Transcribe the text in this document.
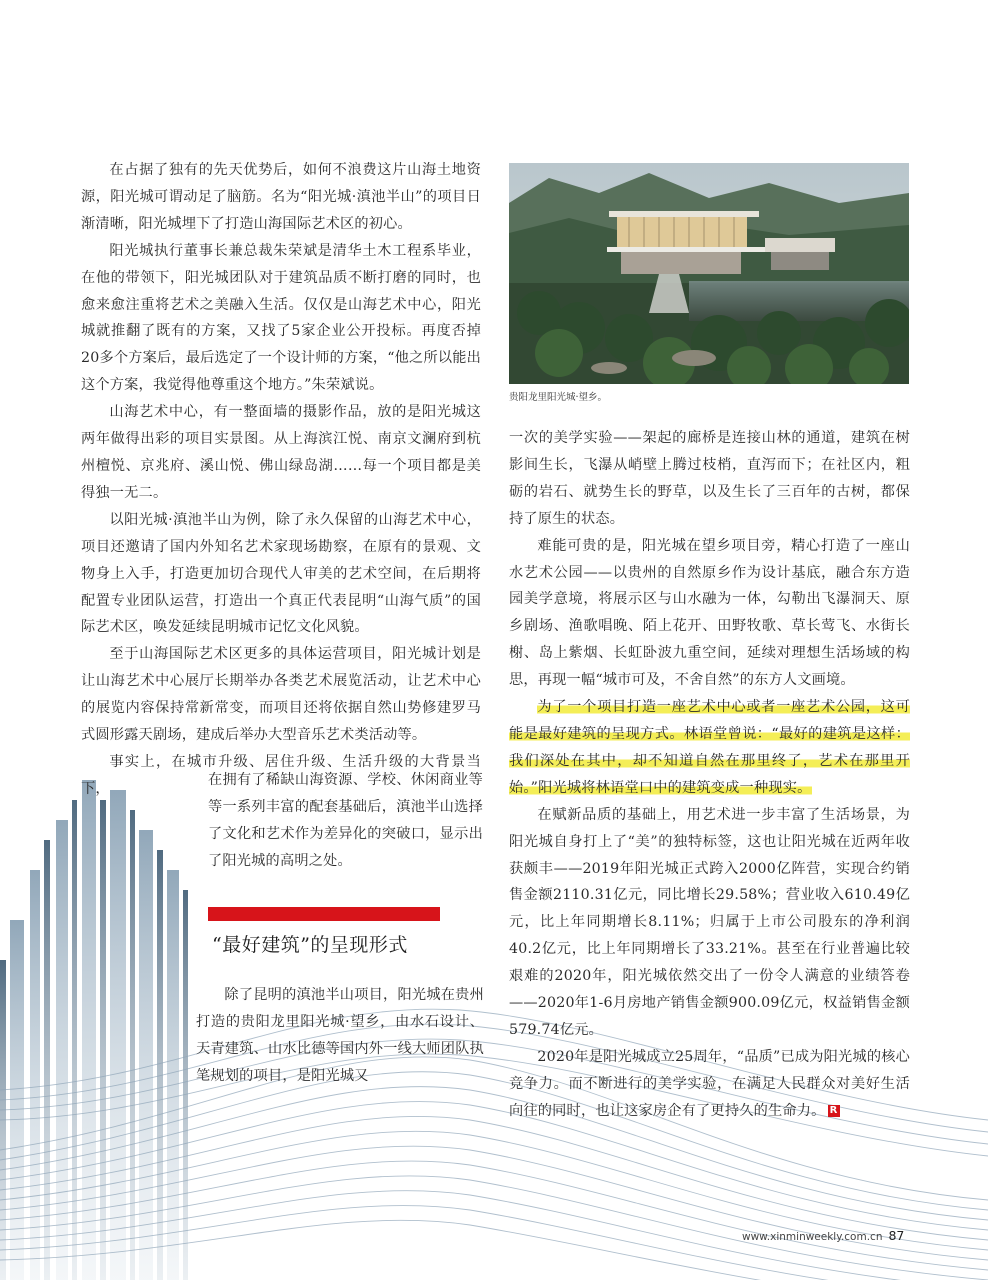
在占据了独有的先天优势后，如何不浪费这片山海土地资源，阳光城可谓动足了脑筋。名为“阳光城·滇池半山”的项目日渐清晰，阳光城埋下了打造山海国际艺术区的初心。

阳光城执行董事长兼总裁朱荣斌是清华土木工程系毕业，在他的带领下，阳光城团队对于建筑品质不断打磨的同时，也愈来愈注重将艺术之美融入生活。仅仅是山海艺术中心，阳光城就推翻了既有的方案，又找了5家企业公开投标。再度否掉20多个方案后，最后选定了一个设计师的方案，“他之所以能出这个方案，我觉得他尊重这个地方。”朱荣斌说。

山海艺术中心，有一整面墙的摄影作品，放的是阳光城这两年做得出彩的项目实景图。从上海滨江悦、南京文澜府到杭州檀悦、京兆府、溪山悦、佛山绿岛湖……每一个项目都是美得独一无二。

以阳光城·滇池半山为例，除了永久保留的山海艺术中心，项目还邀请了国内外知名艺术家现场勘察，在原有的景观、文物身上入手，打造更加切合现代人审美的艺术空间，在后期将配置专业团队运营，打造出一个真正代表昆明“山海气质”的国际艺术区，唤发延续昆明城市记忆文化风貌。

至于山海国际艺术区更多的具体运营项目，阳光城计划是让山海艺术中心展厅长期举办各类艺术展览活动，让艺术中心的展览内容保持常新常变，而项目还将依据自然山势修建罗马式圆形露天剧场，建成后举办大型音乐艺术类活动等。

事实上，在城市升级、居住升级、生活升级的大背景当下，

在拥有了稀缺山海资源、学校、休闲商业等等一系列丰富的配套基础后，滇池半山选择了文化和艺术作为差异化的突破口，显示出了阳光城的高明之处。

“最好建筑”的呈现形式

除了昆明的滇池半山项目，阳光城在贵州打造的贵阳龙里阳光城·望乡，由水石设计、天青建筑、山水比德等国内外一线大师团队执笔规划的项目，是阳光城又

贵阳龙里阳光城·望乡。

一次的美学实验——架起的廊桥是连接山林的通道，建筑在树影间生长，飞瀑从峭壁上腾过枝梢，直泻而下；在社区内，粗砺的岩石、就势生长的野草，以及生长了三百年的古树，都保持了原生的状态。

难能可贵的是，阳光城在望乡项目旁，精心打造了一座山水艺术公园——以贵州的自然原乡作为设计基底，融合东方造园美学意境，将展示区与山水融为一体，勾勒出飞瀑洞天、原乡剧场、渔歌唱晚、陌上花开、田野牧歌、草长莺飞、水街长榭、岛上紫烟、长虹卧波九重空间，延续对理想生活场域的构思，再现一幅“城市可及，不舍自然”的东方人文画境。

为了一个项目打造一座艺术中心或者一座艺术公园，这可能是最好建筑的呈现方式。林语堂曾说：“最好的建筑是这样：我们深处在其中，却不知道自然在那里终了，艺术在那里开始。”阳光城将林语堂口中的建筑变成一种现实。

在赋新品质的基础上，用艺术进一步丰富了生活场景，为阳光城自身打上了“美”的独特标签，这也让阳光城在近两年收获颇丰——2019年阳光城正式跨入2000亿阵营，实现合约销售金额2110.31亿元，同比增长29.58%；营业收入610.49亿元，比上年同期增长8.11%；归属于上市公司股东的净利润40.2亿元，比上年同期增长了33.21%。甚至在行业普遍比较艰难的2020年，阳光城依然交出了一份令人满意的业绩答卷——2020年1-6月房地产销售金额900.09亿元，权益销售金额579.74亿元。

2020年是阳光城成立25周年，“品质”已成为阳光城的核心竞争力。而不断进行的美学实验，在满足人民群众对美好生活向往的同时，也让这家房企有了更持久的生命力。 R

www.xinminweekly.com.cn 87
